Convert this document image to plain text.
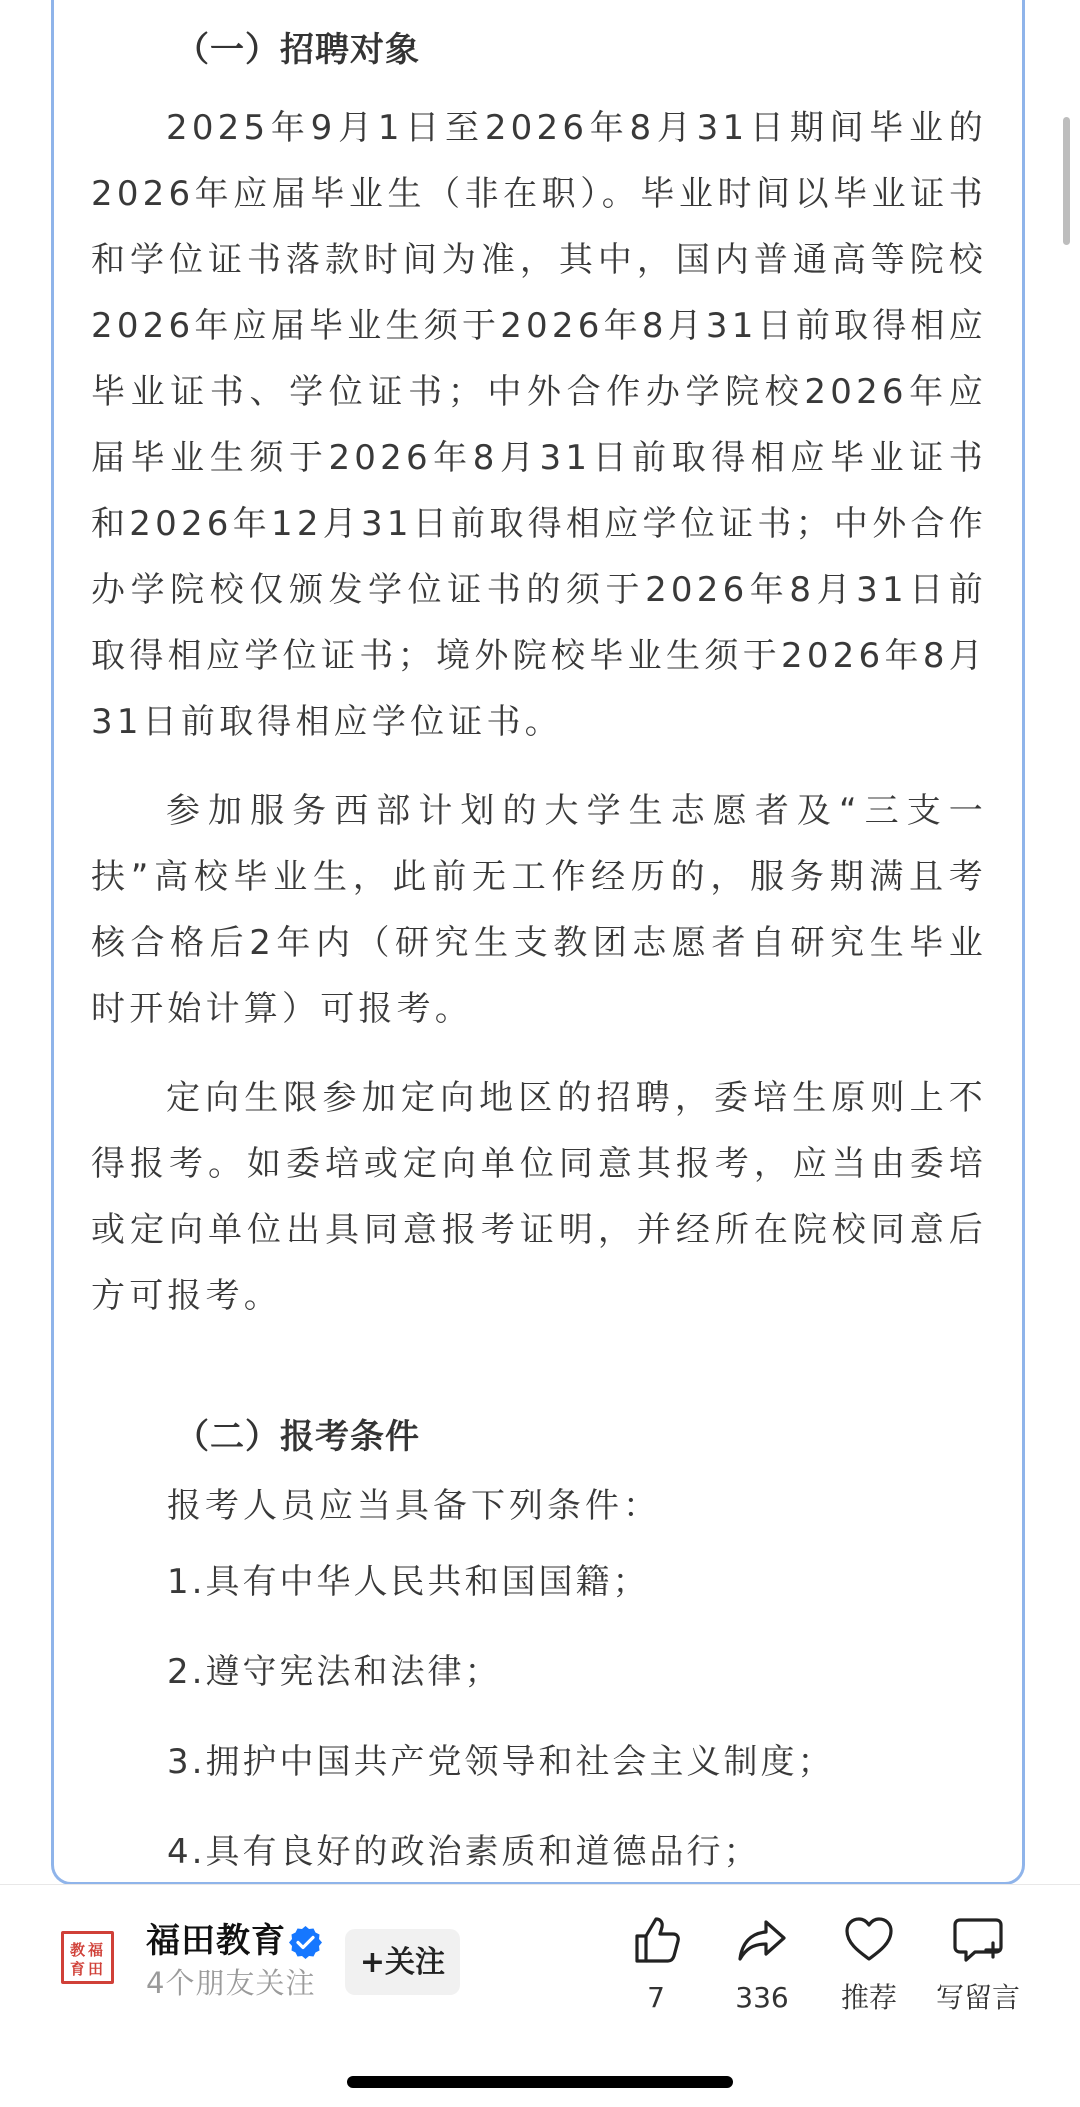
（一）招聘对象

2025年9月1日至2026年8月31日期间毕业的2026年应届毕业生（非在职）。毕业时间以毕业证书和学位证书落款时间为准，其中，国内普通高等院校2026年应届毕业生须于2026年8月31日前取得相应毕业证书、学位证书；中外合作办学院校2026年应届毕业生须于2026年8月31日前取得相应毕业证书和2026年12月31日前取得相应学位证书；中外合作办学院校仅颁发学位证书的须于2026年8月31日前取得相应学位证书；境外院校毕业生须于2026年8月31日前取得相应学位证书。

参加服务西部计划的大学生志愿者及“三支一扶”高校毕业生，此前无工作经历的，服务期满且考核合格后2年内（研究生支教团志愿者自研究生毕业时开始计算）可报考。

定向生限参加定向地区的招聘，委培生原则上不得报考。如委培或定向单位同意其报考，应当由委培或定向单位出具同意报考证明，并经所在院校同意后方可报考。

（二）报考条件

报考人员应当具备下列条件：

1.具有中华人民共和国国籍；

2.遵守宪法和法律；

3.拥护中国共产党领导和社会主义制度；

4.具有良好的政治素质和道德品行；

教 福
育 田
福田教育
4个朋友关注
+关注
7	336	推荐	写留言
